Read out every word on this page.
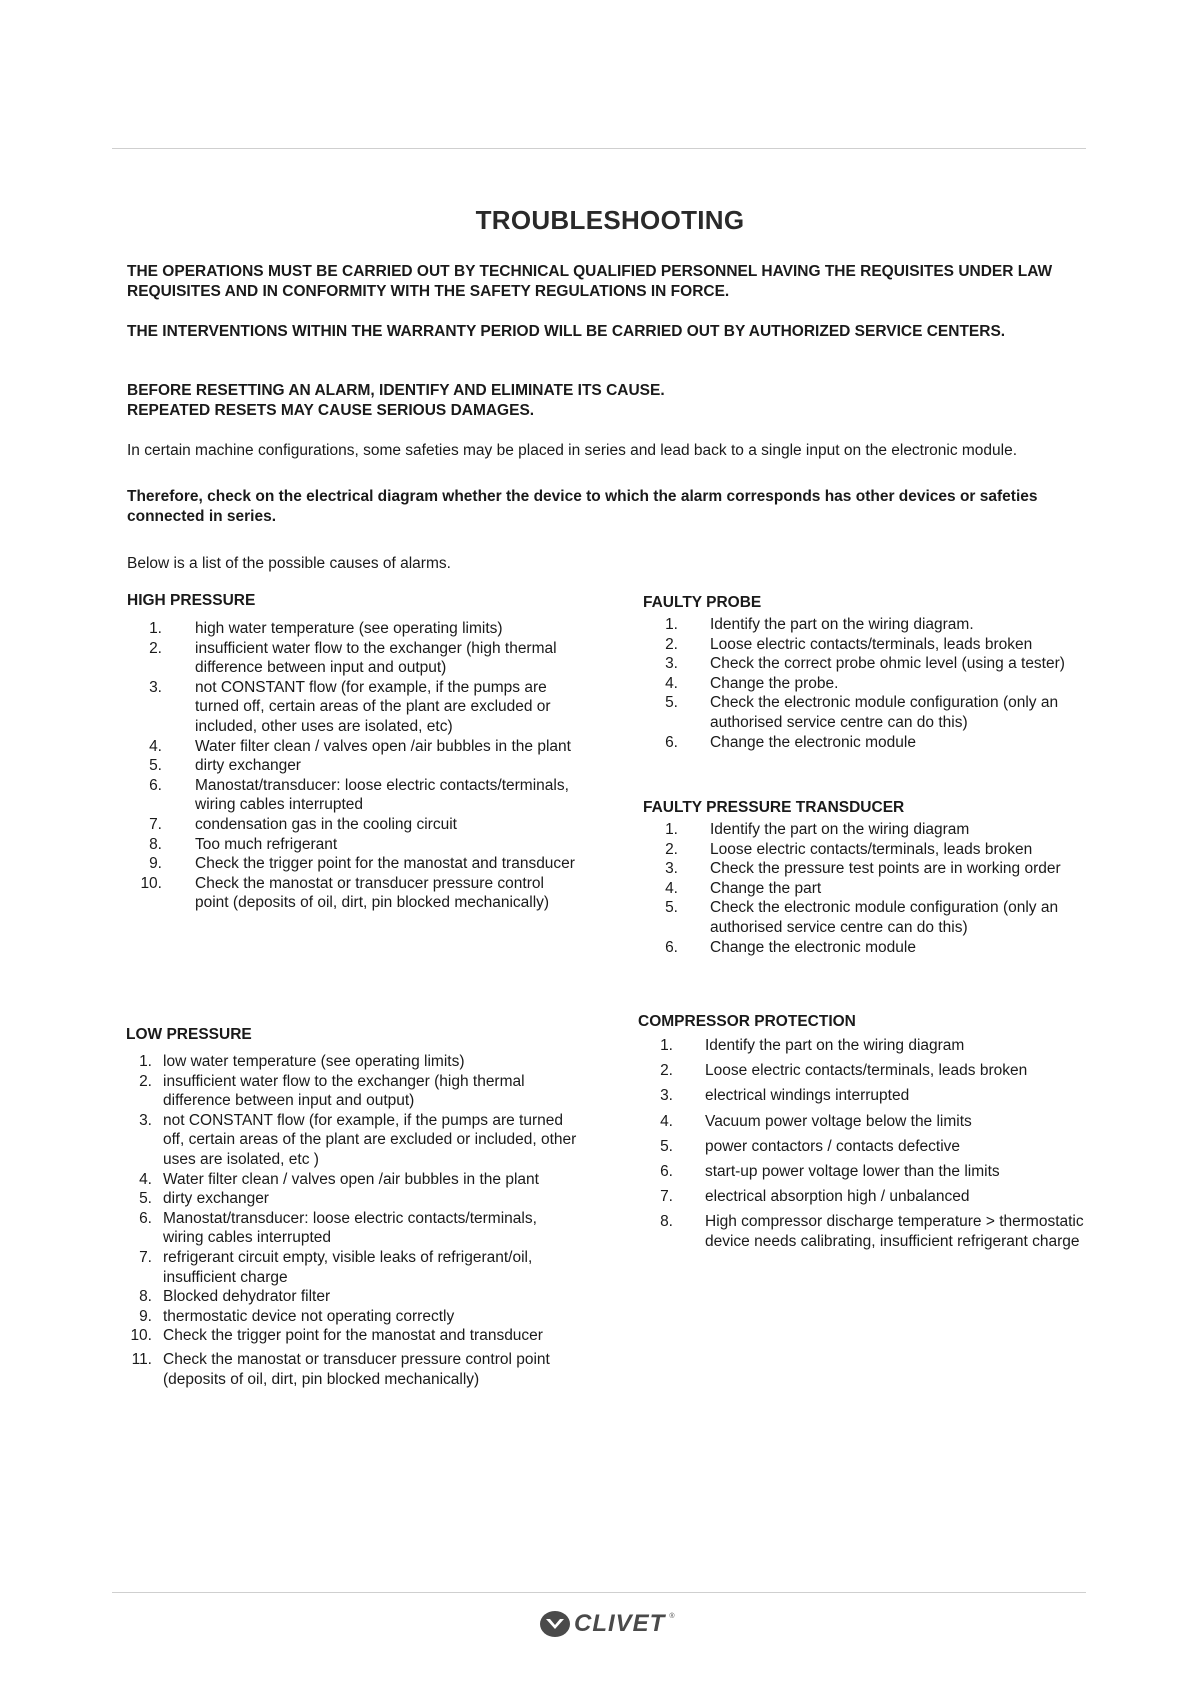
TROUBLESHOOTING
THE OPERATIONS MUST BE CARRIED OUT BY TECHNICAL QUALIFIED PERSONNEL HAVING THE REQUISITES UNDER LAW REQUISITES AND IN CONFORMITY WITH THE SAFETY REGULATIONS IN FORCE.
THE INTERVENTIONS WITHIN THE WARRANTY PERIOD WILL BE CARRIED OUT BY AUTHORIZED SERVICE CENTERS.
BEFORE RESETTING AN ALARM, IDENTIFY AND ELIMINATE ITS CAUSE.
REPEATED RESETS MAY CAUSE SERIOUS DAMAGES.
In certain machine configurations, some safeties may be placed in series and lead back to a single input on the electronic module.
Therefore, check on the electrical diagram whether the device to which the alarm corresponds has other devices or safeties connected in series.
Below is a list of the possible causes of alarms.
HIGH PRESSURE
1. high water temperature (see operating limits)
2. insufficient water flow to the exchanger (high thermal difference between input and output)
3. not CONSTANT flow (for example, if the pumps are turned off, certain areas of the plant are excluded or included, other uses are isolated, etc)
4. Water filter clean / valves open /air bubbles in the plant
5. dirty exchanger
6. Manostat/transducer: loose electric contacts/terminals, wiring cables interrupted
7. condensation gas in the cooling circuit
8. Too much refrigerant
9. Check the trigger point for the manostat and transducer
10. Check the manostat or transducer pressure control point (deposits of oil, dirt, pin blocked mechanically)
LOW PRESSURE
1. low water temperature (see operating limits)
2. insufficient water flow to the exchanger (high thermal difference between input and output)
3. not CONSTANT flow (for example, if the pumps are turned off, certain areas of the plant are excluded or included, other uses are isolated, etc )
4. Water filter clean / valves open /air bubbles in the plant
5. dirty exchanger
6. Manostat/transducer: loose electric contacts/terminals, wiring cables interrupted
7. refrigerant circuit empty, visible leaks of refrigerant/oil, insufficient charge
8. Blocked dehydrator filter
9. thermostatic device not operating correctly
10. Check the trigger point for the manostat and transducer
11. Check the manostat or transducer pressure control point (deposits of oil, dirt, pin blocked mechanically)
FAULTY PROBE
1. Identify the part on the wiring diagram.
2. Loose electric contacts/terminals, leads broken
3. Check the correct probe ohmic level (using a tester)
4. Change the probe.
5. Check the electronic module configuration (only an authorised service centre can do this)
6. Change the electronic module
FAULTY PRESSURE TRANSDUCER
1. Identify the part on the wiring diagram
2. Loose electric contacts/terminals, leads broken
3. Check the pressure test points are in working order
4. Change the part
5. Check the electronic module configuration (only an authorised service centre can do this)
6. Change the electronic module
COMPRESSOR PROTECTION
1. Identify the part on the wiring diagram
2. Loose electric contacts/terminals, leads broken
3. electrical windings interrupted
4. Vacuum power voltage below the limits
5. power contactors / contacts defective
6. start-up power voltage lower than the limits
7. electrical absorption high / unbalanced
8. High compressor discharge temperature > thermostatic device needs calibrating, insufficient refrigerant charge
CLIVET ®
